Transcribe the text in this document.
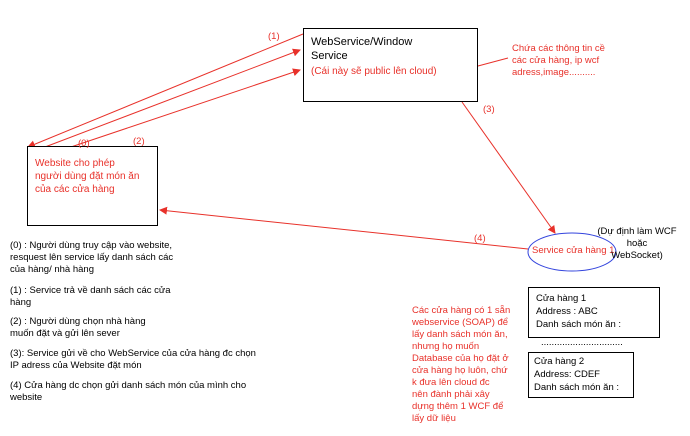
WebService/Window
Service
(Cái này sẽ public lên cloud)
Chứa các thông tin cề
các cửa hàng, ip wcf
adress,image..........
Website cho phép
người dùng đặt món ăn
của các cửa hàng
(1)
(0)	(2)
(3)
(4)
Service cửa hàng 1
(Dự định làm WCF
hoặc
WebSocket)
Cửa hàng 1
Address : ABC
Danh sách món ăn :
...............................
Cửa hàng 2
Address: CDEF
Danh sách món ăn :
(0) : Người dùng truy cập vào website,
resquest lên service lấy danh sách các
của hàng/ nhà hàng
(1) : Service trả về danh sách các cửa
hàng
(2) : Người dùng chọn nhà hàng
muốn đặt và gửi lên sever
(3): Service gửi về cho WebService của cửa hàng đc chọn
IP adress của Website đặt món
(4) Cửa hàng dc chọn gửi danh sách món của mình cho
website
Các cửa hàng có 1 sẵn
webservice (SOAP) để
lấy danh sách món ăn,
nhưng họ muốn
Database của họ đặt ở
cửa hàng họ luôn, chứ
k đưa lên cloud đc
nên đành phải xây
dựng thêm 1 WCF để
lấy dữ liệu
